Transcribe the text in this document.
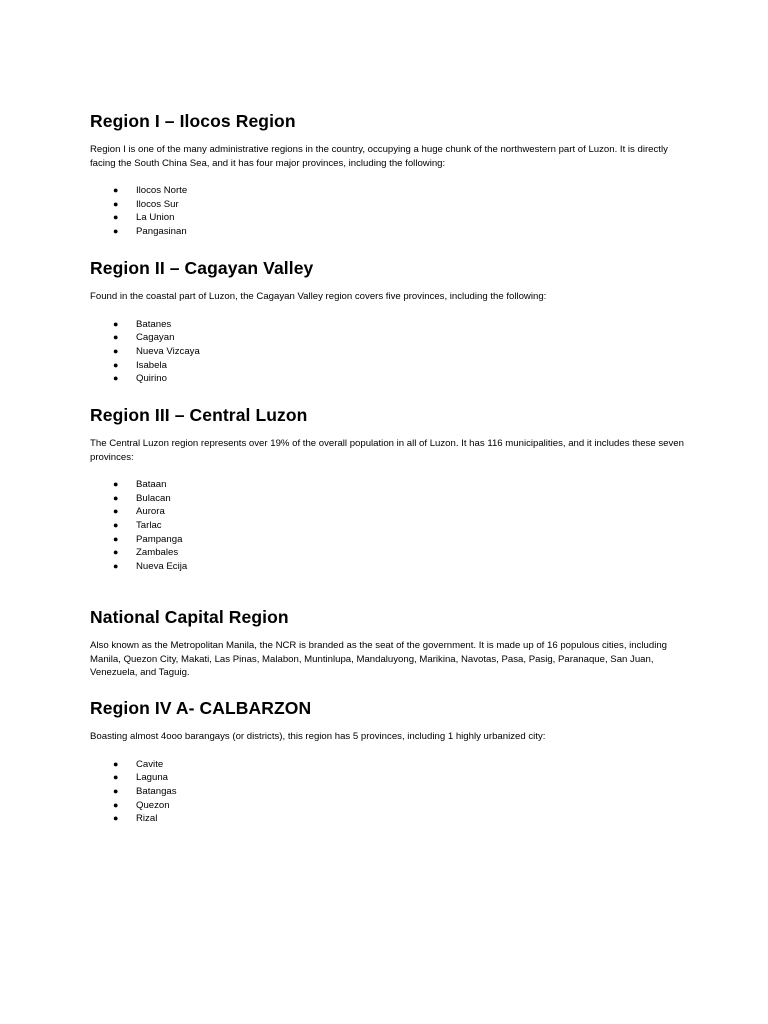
Region I – Ilocos Region

Region I is one of the many administrative regions in the country, occupying a huge chunk of the northwestern part of Luzon. It is directly facing the South China Sea, and it has four major provinces, including the following:

● Ilocos Norte
● Ilocos Sur
● La Union
● Pangasinan
Region II – Cagayan Valley

Found in the coastal part of Luzon, the Cagayan Valley region covers five provinces, including the following:

● Batanes
● Cagayan
● Nueva Vizcaya
● Isabela
● Quirino
Region III – Central Luzon

The Central Luzon region represents over 19% of the overall population in all of Luzon. It has 116 municipalities, and it includes these seven provinces:

● Bataan
● Bulacan
● Aurora
● Tarlac
● Pampanga
● Zambales
● Nueva Ecija
National Capital Region

Also known as the Metropolitan Manila, the NCR is branded as the seat of the government. It is made up of 16 populous cities, including Manila, Quezon City, Makati, Las Pinas, Malabon, Muntinlupa, Mandaluyong, Marikina, Navotas, Pasa, Pasig, Paranaque, San Juan, Venezuela, and Taguig.

Region IV A- CALBARZON

Boasting almost 4ooo barangays (or districts), this region has 5 provinces, including 1 highly urbanized city:

● Cavite
● Laguna
● Batangas
● Quezon
● Rizal
